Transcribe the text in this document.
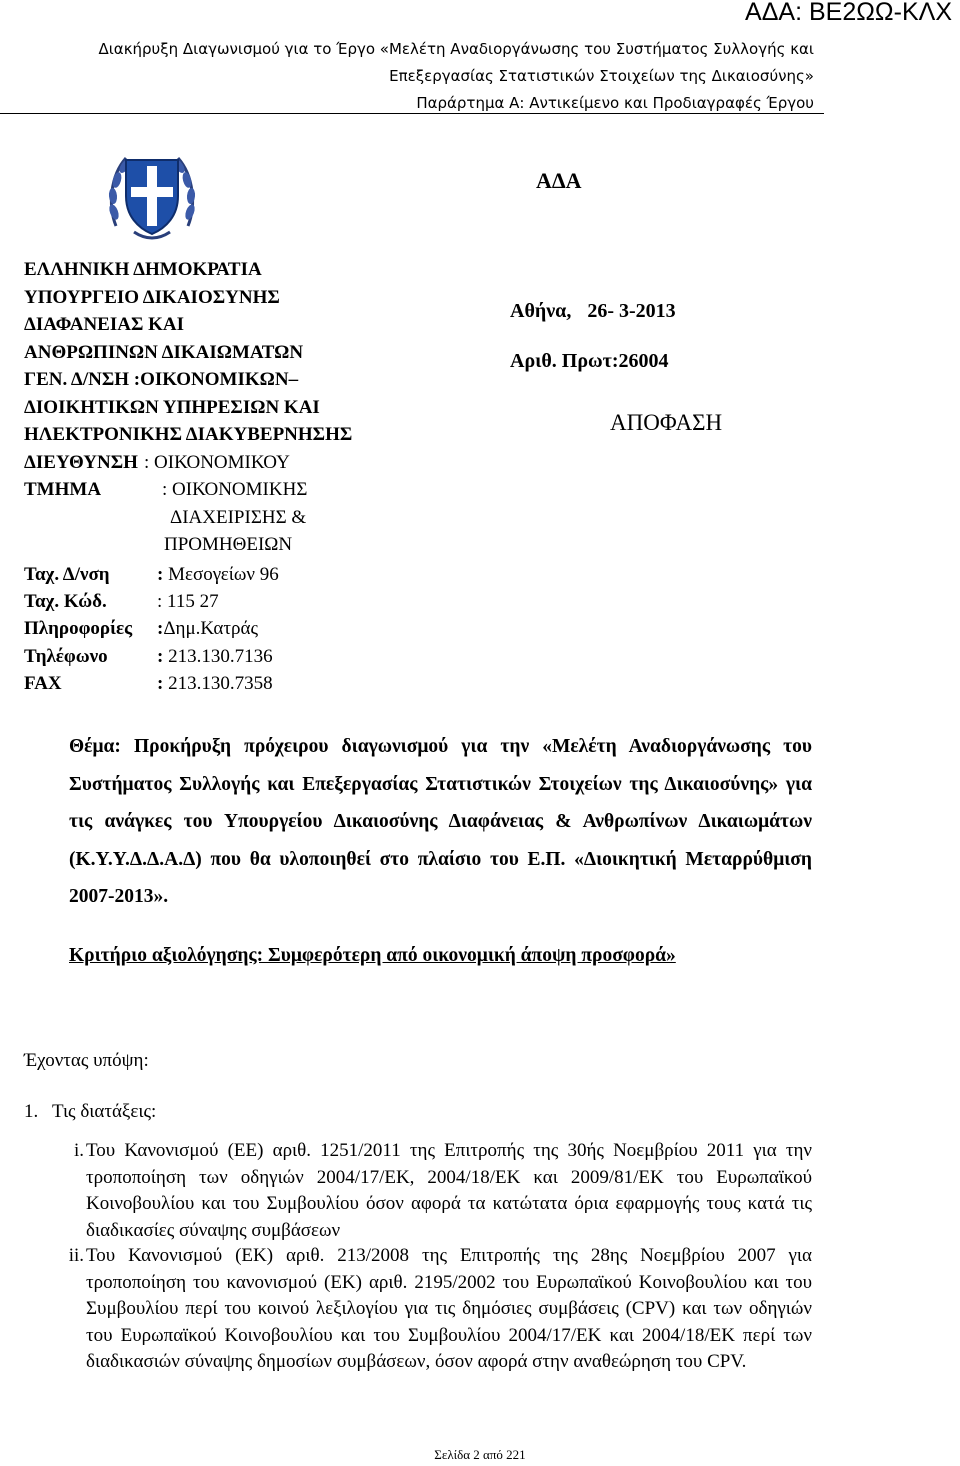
ΑΔΑ: ΒΕ2ΩΩ-ΚΛΧ
Διακήρυξη Διαγωνισμού για το Έργο «Μελέτη Αναδιοργάνωσης του Συστήματος Συλλογής και
Επεξεργασίας Στατιστικών Στοιχείων της Δικαιοσύνης»
Παράρτημα Α: Αντικείμενο και Προδιαγραφές Έργου
ΑΔΑ
ΕΛΛΗΝΙΚΗ ΔΗΜΟΚΡΑΤΙΑ
ΥΠΟΥΡΓΕΙΟ ΔΙΚΑΙΟΣΥΝΗΣ
ΔΙΑΦΑΝΕΙΑΣ ΚΑΙ
ΑΝΘΡΩΠΙΝΩΝ ΔΙΚΑΙΩΜΑΤΩΝ
ΓΕΝ. Δ/ΝΣΗ :ΟΙΚΟΝΟΜΙΚΩΝ–
ΔΙΟΙΚΗΤΙΚΩΝ ΥΠΗΡΕΣΙΩΝ ΚΑΙ
ΗΛΕΚΤΡΟΝΙΚΗΣ ΔΙΑΚΥΒΕΡΝΗΣΗΣ
ΔΙΕΥΘΥΝΣΗ : ΟΙΚΟΝΟΜΙΚΟΥ
ΤΜΗΜΑ	: ΟΙΚΟΝΟΜΙΚΗΣ
ΔΙΑΧΕΙΡΙΣΗΣ &
ΠΡΟΜΗΘΕΙΩΝ
Ταχ. Δ/νση : Μεσογείων 96
Ταχ. Κώδ.	: 115 27
Πληροφορίες :Δημ.Κατράς
Τηλέφωνο	: 213.130.7136
FAX	: 213.130.7358
Αθήνα, 26- 3-2013
Αριθ. Πρωτ:26004
ΑΠΟΦΑΣΗ
Θέμα: Προκήρυξη πρόχειρου διαγωνισμού για την «Μελέτη Αναδιοργάνωσης του Συστήματος Συλλογής και Επεξεργασίας Στατιστικών Στοιχείων της Δικαιοσύνης» για τις ανάγκες του Υπουργείου Δικαιοσύνης Διαφάνειας & Ανθρωπίνων Δικαιωμάτων (Κ.Υ.Υ.Δ.Δ.Α.Δ) που θα υλοποιηθεί στο πλαίσιο του Ε.Π. «Διοικητική Μεταρρύθμιση 2007-2013».
Κριτήριο αξιολόγησης: Συμφερότερη από οικονομική άποψη προσφορά»
Έχοντας υπόψη:
1. Τις διατάξεις:
i. Του Κανονισμού (ΕΕ) αριθ. 1251/2011 της Επιτροπής της 30ής Νοεμβρίου 2011 για την τροποποίηση των οδηγιών 2004/17/ΕΚ, 2004/18/ΕΚ και 2009/81/ΕΚ του Ευρωπαϊκού Κοινοβουλίου και του Συμβουλίου όσον αφορά τα κατώτατα όρια εφαρμογής τους κατά τις διαδικασίες σύναψης συμβάσεων
ii. Του Κανονισμού (ΕΚ) αριθ. 213/2008 της Επιτροπής της 28ης Νοεμβρίου 2007 για τροποποίηση του κανονισμού (ΕΚ) αριθ. 2195/2002 του Ευρωπαϊκού Κοινοβουλίου και του Συμβουλίου περί του κοινού λεξιλογίου για τις δημόσιες συμβάσεις (CPV) και των οδηγιών του Ευρωπαϊκού Κοινοβουλίου και του Συμβουλίου 2004/17/ΕΚ και 2004/18/ΕΚ περί των διαδικασιών σύναψης δημοσίων συμβάσεων, όσον αφορά στην αναθεώρηση του CPV.
Σελίδα 2 από 221
